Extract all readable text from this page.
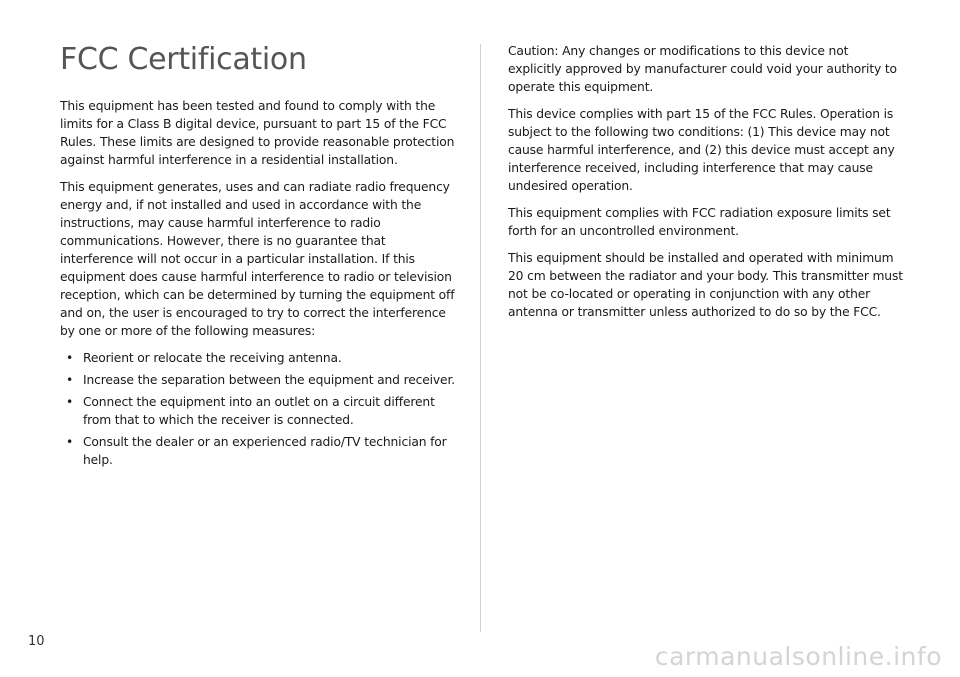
FCC Certification

This equipment has been tested and found to comply with the limits for a Class B digital device, pursuant to part 15 of the FCC Rules. These limits are designed to provide reasonable protection against harmful interference in a residential installation.

This equipment generates, uses and can radiate radio frequency energy and, if not installed and used in accordance with the instructions, may cause harmful interference to radio communications. However, there is no guarantee that interference will not occur in a particular installation. If this equipment does cause harmful interference to radio or television reception, which can be determined by turning the equipment off and on, the user is encouraged to try to correct the interference by one or more of the following measures:

• Reorient or relocate the receiving antenna.
• Increase the separation between the equipment and receiver.
• Connect the equipment into an outlet on a circuit different from that to which the receiver is connected.
• Consult the dealer or an experienced radio/TV technician for help.

Caution: Any changes or modifications to this device not explicitly approved by manufacturer could void your authority to operate this equipment.

This device complies with part 15 of the FCC Rules. Operation is subject to the following two conditions: (1) This device may not cause harmful interference, and (2) this device must accept any interference received, including interference that may cause undesired operation.

This equipment complies with FCC radiation exposure limits set forth for an uncontrolled environment.

This equipment should be installed and operated with minimum 20 cm between the radiator and your body. This transmitter must not be co-located or operating in conjunction with any other antenna or transmitter unless authorized to do so by the FCC.

10
carmanualsonline.info
